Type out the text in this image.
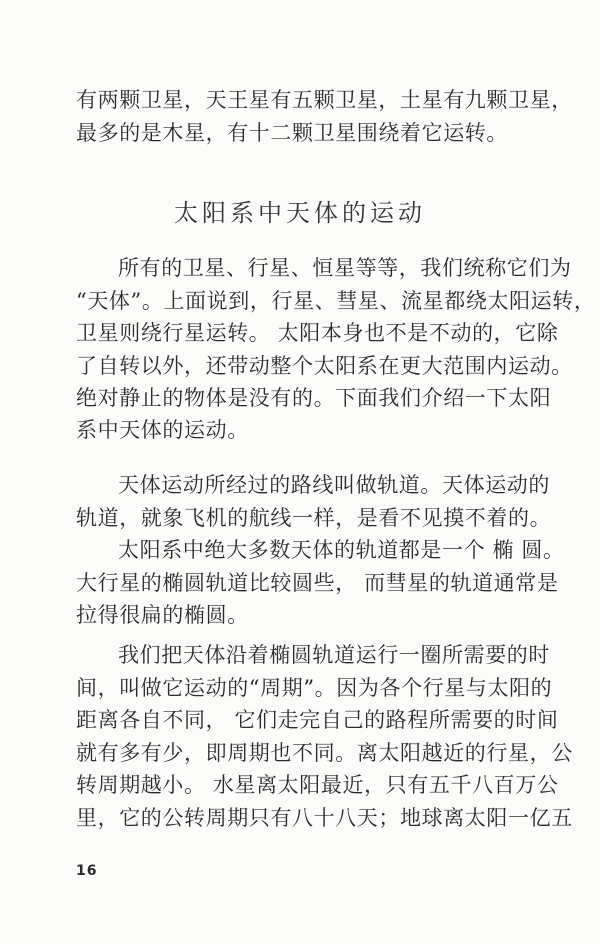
有两颗卫星，天王星有五颗卫星，土星有九颗卫星，
最多的是木星，有十二颗卫星围绕着它运转。
太阳系中天体的运动
所有的卫星、行星、恒星等等，我们统称它们为
“天体”。上面说到，行星、彗星、流星都绕太阳运转，
卫星则绕行星运转。 太阳本身也不是不动的，它除
了自转以外，还带动整个太阳系在更大范围内运动。
绝对静止的物体是没有的。下面我们介绍一下太阳
系中天体的运动。
天体运动所经过的路线叫做轨道。天体运动的
轨道，就象飞机的航线一样，是看不见摸不着的。
太阳系中绝大多数天体的轨道都是一个 椭 圆。
大行星的椭圆轨道比较圆些， 而彗星的轨道通常是
拉得很扁的椭圆。
我们把天体沿着椭圆轨道运行一圈所需要的时
间，叫做它运动的“周期”。因为各个行星与太阳的
距离各自不同， 它们走完自己的路程所需要的时间
就有多有少，即周期也不同。离太阳越近的行星，公
转周期越小。 水星离太阳最近，只有五千八百万公
里，它的公转周期只有八十八天；地球离太阳一亿五
16
